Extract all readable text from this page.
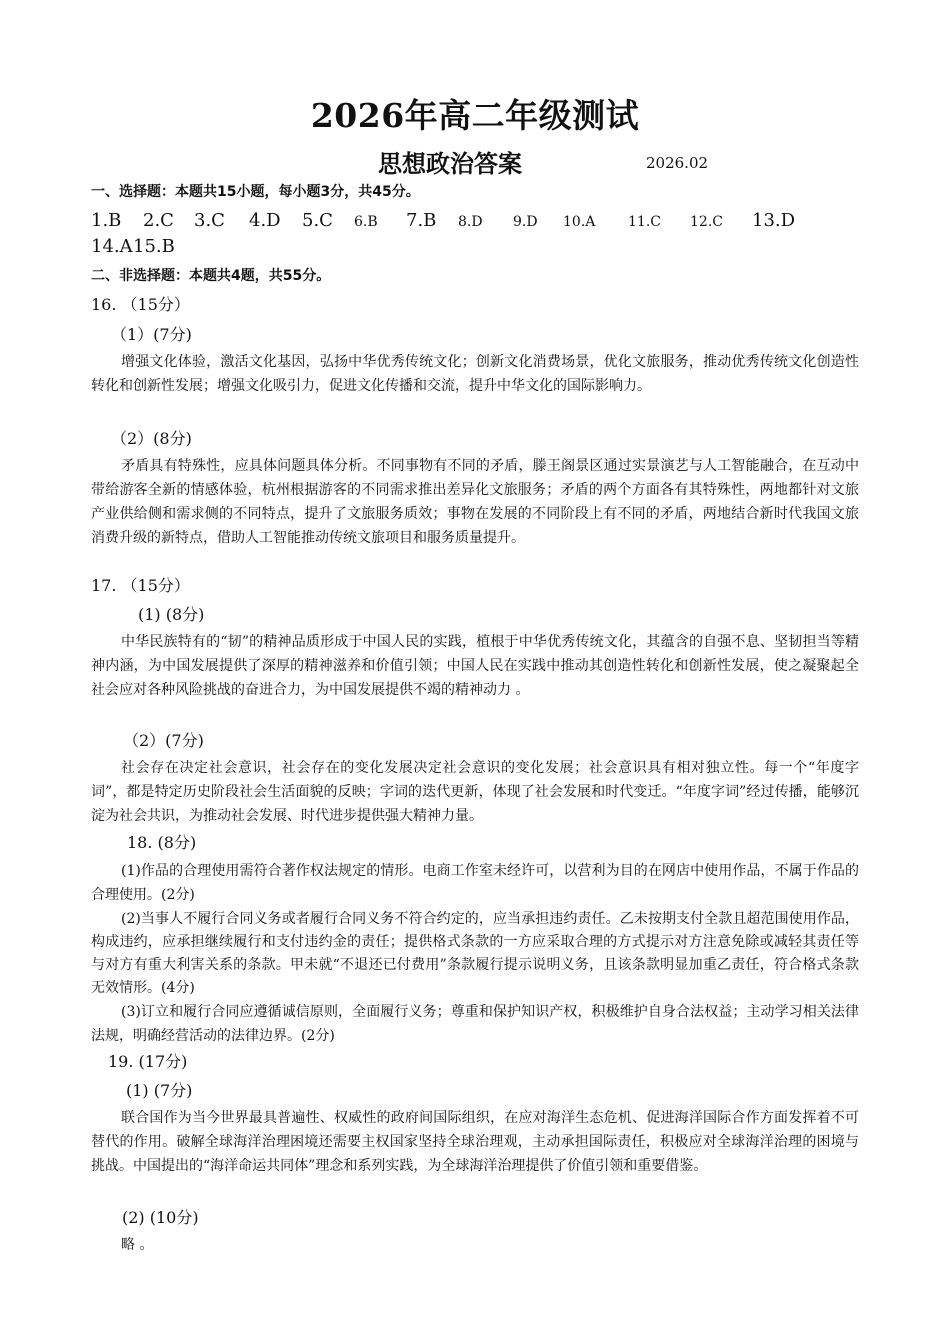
2026年高二年级测试
思想政治答案	2026.02
一、选择题：本题共15小题，每小题3分，共45分。
1.B 2.C 3.C 4.D 5.C 6.B 7.B 8.D 9.D 10.A 11.C 12.C 13.D
14.A 15.B
二、非选择题：本题共4题，共55分。
16. （15分）
（1）(7分)
增强文化体验，激活文化基因，弘扬中华优秀传统文化；创新文化消费场景，优化文旅服务，推动优秀传统文化创造性转化和创新性发展；增强文化吸引力，促进文化传播和交流，提升中华文化的国际影响力。
（2）(8分)
矛盾具有特殊性，应具体问题具体分析。不同事物有不同的矛盾，滕王阁景区通过实景演艺与人工智能融合，在互动中带给游客全新的情感体验，杭州根据游客的不同需求推出差异化文旅服务；矛盾的两个方面各有其特殊性，两地都针对文旅产业供给侧和需求侧的不同特点，提升了文旅服务质效；事物在发展的不同阶段上有不同的矛盾，两地结合新时代我国文旅消费升级的新特点，借助人工智能推动传统文旅项目和服务质量提升。
17. （15分）
(1) (8分)
中华民族特有的“韧”的精神品质形成于中国人民的实践，植根于中华优秀传统文化，其蕴含的自强不息、坚韧担当等精神内涵，为中国发展提供了深厚的精神滋养和价值引领；中国人民在实践中推动其创造性转化和创新性发展，使之凝聚起全社会应对各种风险挑战的奋进合力，为中国发展提供不竭的精神动力 。
（2）(7分)
社会存在决定社会意识，社会存在的变化发展决定社会意识的变化发展；社会意识具有相对独立性。每一个“年度字词”，都是特定历史阶段社会生活面貌的反映；字词的迭代更新，体现了社会发展和时代变迁。“年度字词”经过传播，能够沉淀为社会共识，为推动社会发展、时代进步提供强大精神力量。
18. (8分)
(1)作品的合理使用需符合著作权法规定的情形。电商工作室未经许可，以营利为目的在网店中使用作品，不属于作品的合理使用。(2分)
(2)当事人不履行合同义务或者履行合同义务不符合约定的，应当承担违约责任。乙未按期支付全款且超范围使用作品，构成违约，应承担继续履行和支付违约金的责任；提供格式条款的一方应采取合理的方式提示对方注意免除或减轻其责任等与对方有重大利害关系的条款。甲未就“不退还已付费用”条款履行提示说明义务，且该条款明显加重乙责任，符合格式条款无效情形。(4分)
(3)订立和履行合同应遵循诚信原则，全面履行义务；尊重和保护知识产权，积极维护自身合法权益；主动学习相关法律法规，明确经营活动的法律边界。(2分)
19. (17分)
(1) (7分)
联合国作为当今世界最具普遍性、权威性的政府间国际组织，在应对海洋生态危机、促进海洋国际合作方面发挥着不可替代的作用。破解全球海洋治理困境还需要主权国家坚持全球治理观，主动承担国际责任，积极应对全球海洋治理的困境与挑战。中国提出的“海洋命运共同体”理念和系列实践，为全球海洋治理提供了价值引领和重要借鉴。
(2) (10分)
略 。
